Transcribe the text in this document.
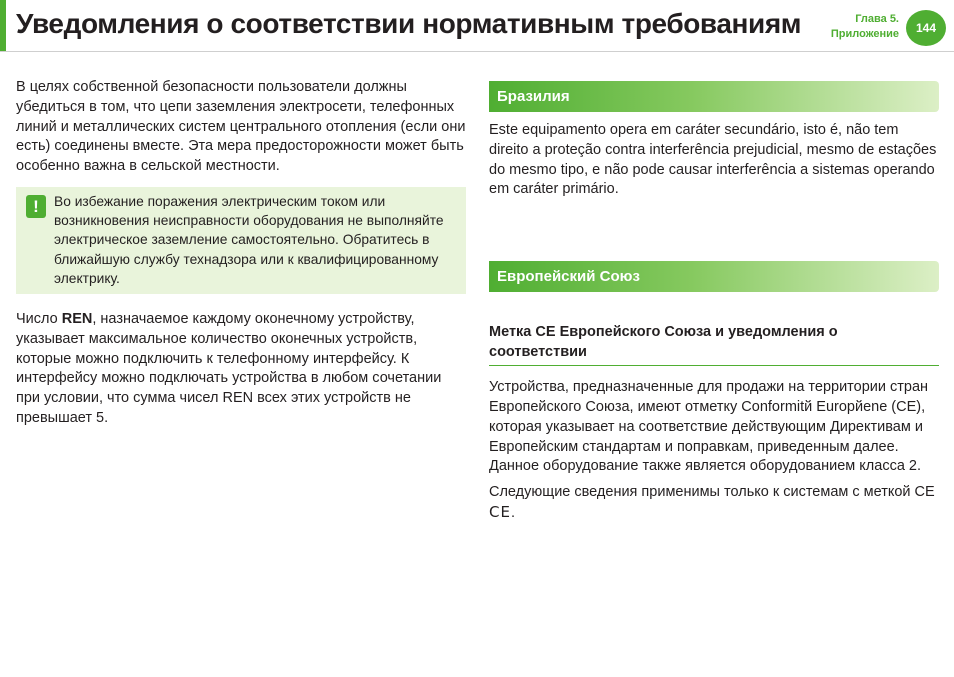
Уведомления о соответствии нормативным требованиям	Глава 5.
Приложение	144

В целях собственной безопасности пользователи должны убедиться в том, что цепи заземления электросети, телефонных линий и металлических систем центрального отопления (если они есть) соединены вместе. Эта мера предосторожности может быть особенно важна в сельской местности.

!	Во избежание поражения электрическим током или возникновения неисправности оборудования не выполняйте электрическое заземление самостоятельно. Обратитесь в ближайшую службу технадзора или к квалифицированному электрику.

Число REN, назначаемое каждому оконечному устройству, указывает максимальное количество оконечных устройств, которые можно подключить к телефонному интерфейсу. К интерфейсу можно подключать устройства в любом сочетании при условии, что сумма чисел REN всех этих устройств не превышает 5.

Бразилия

Este equipamento opera em caráter secundário, isto é, não tem direito a proteção contra interferência prejudicial, mesmo de estações do mesmo tipo, e não pode causar interferência a sistemas operando em caráter primário.

Европейский Союз
Метка CE Европейского Союза и уведомления о соответствии

Устройства, предназначенные для продажи на территории стран Европейского Союза, имеют отметку Conformitй Europйene (CE), которая указывает на соответствие действующим Директивам и Европейским стандартам и поправкам, приведенным далее. Данное оборудование также является оборудованием класса 2.

Следующие сведения применимы только к системам с меткой CE CE.
